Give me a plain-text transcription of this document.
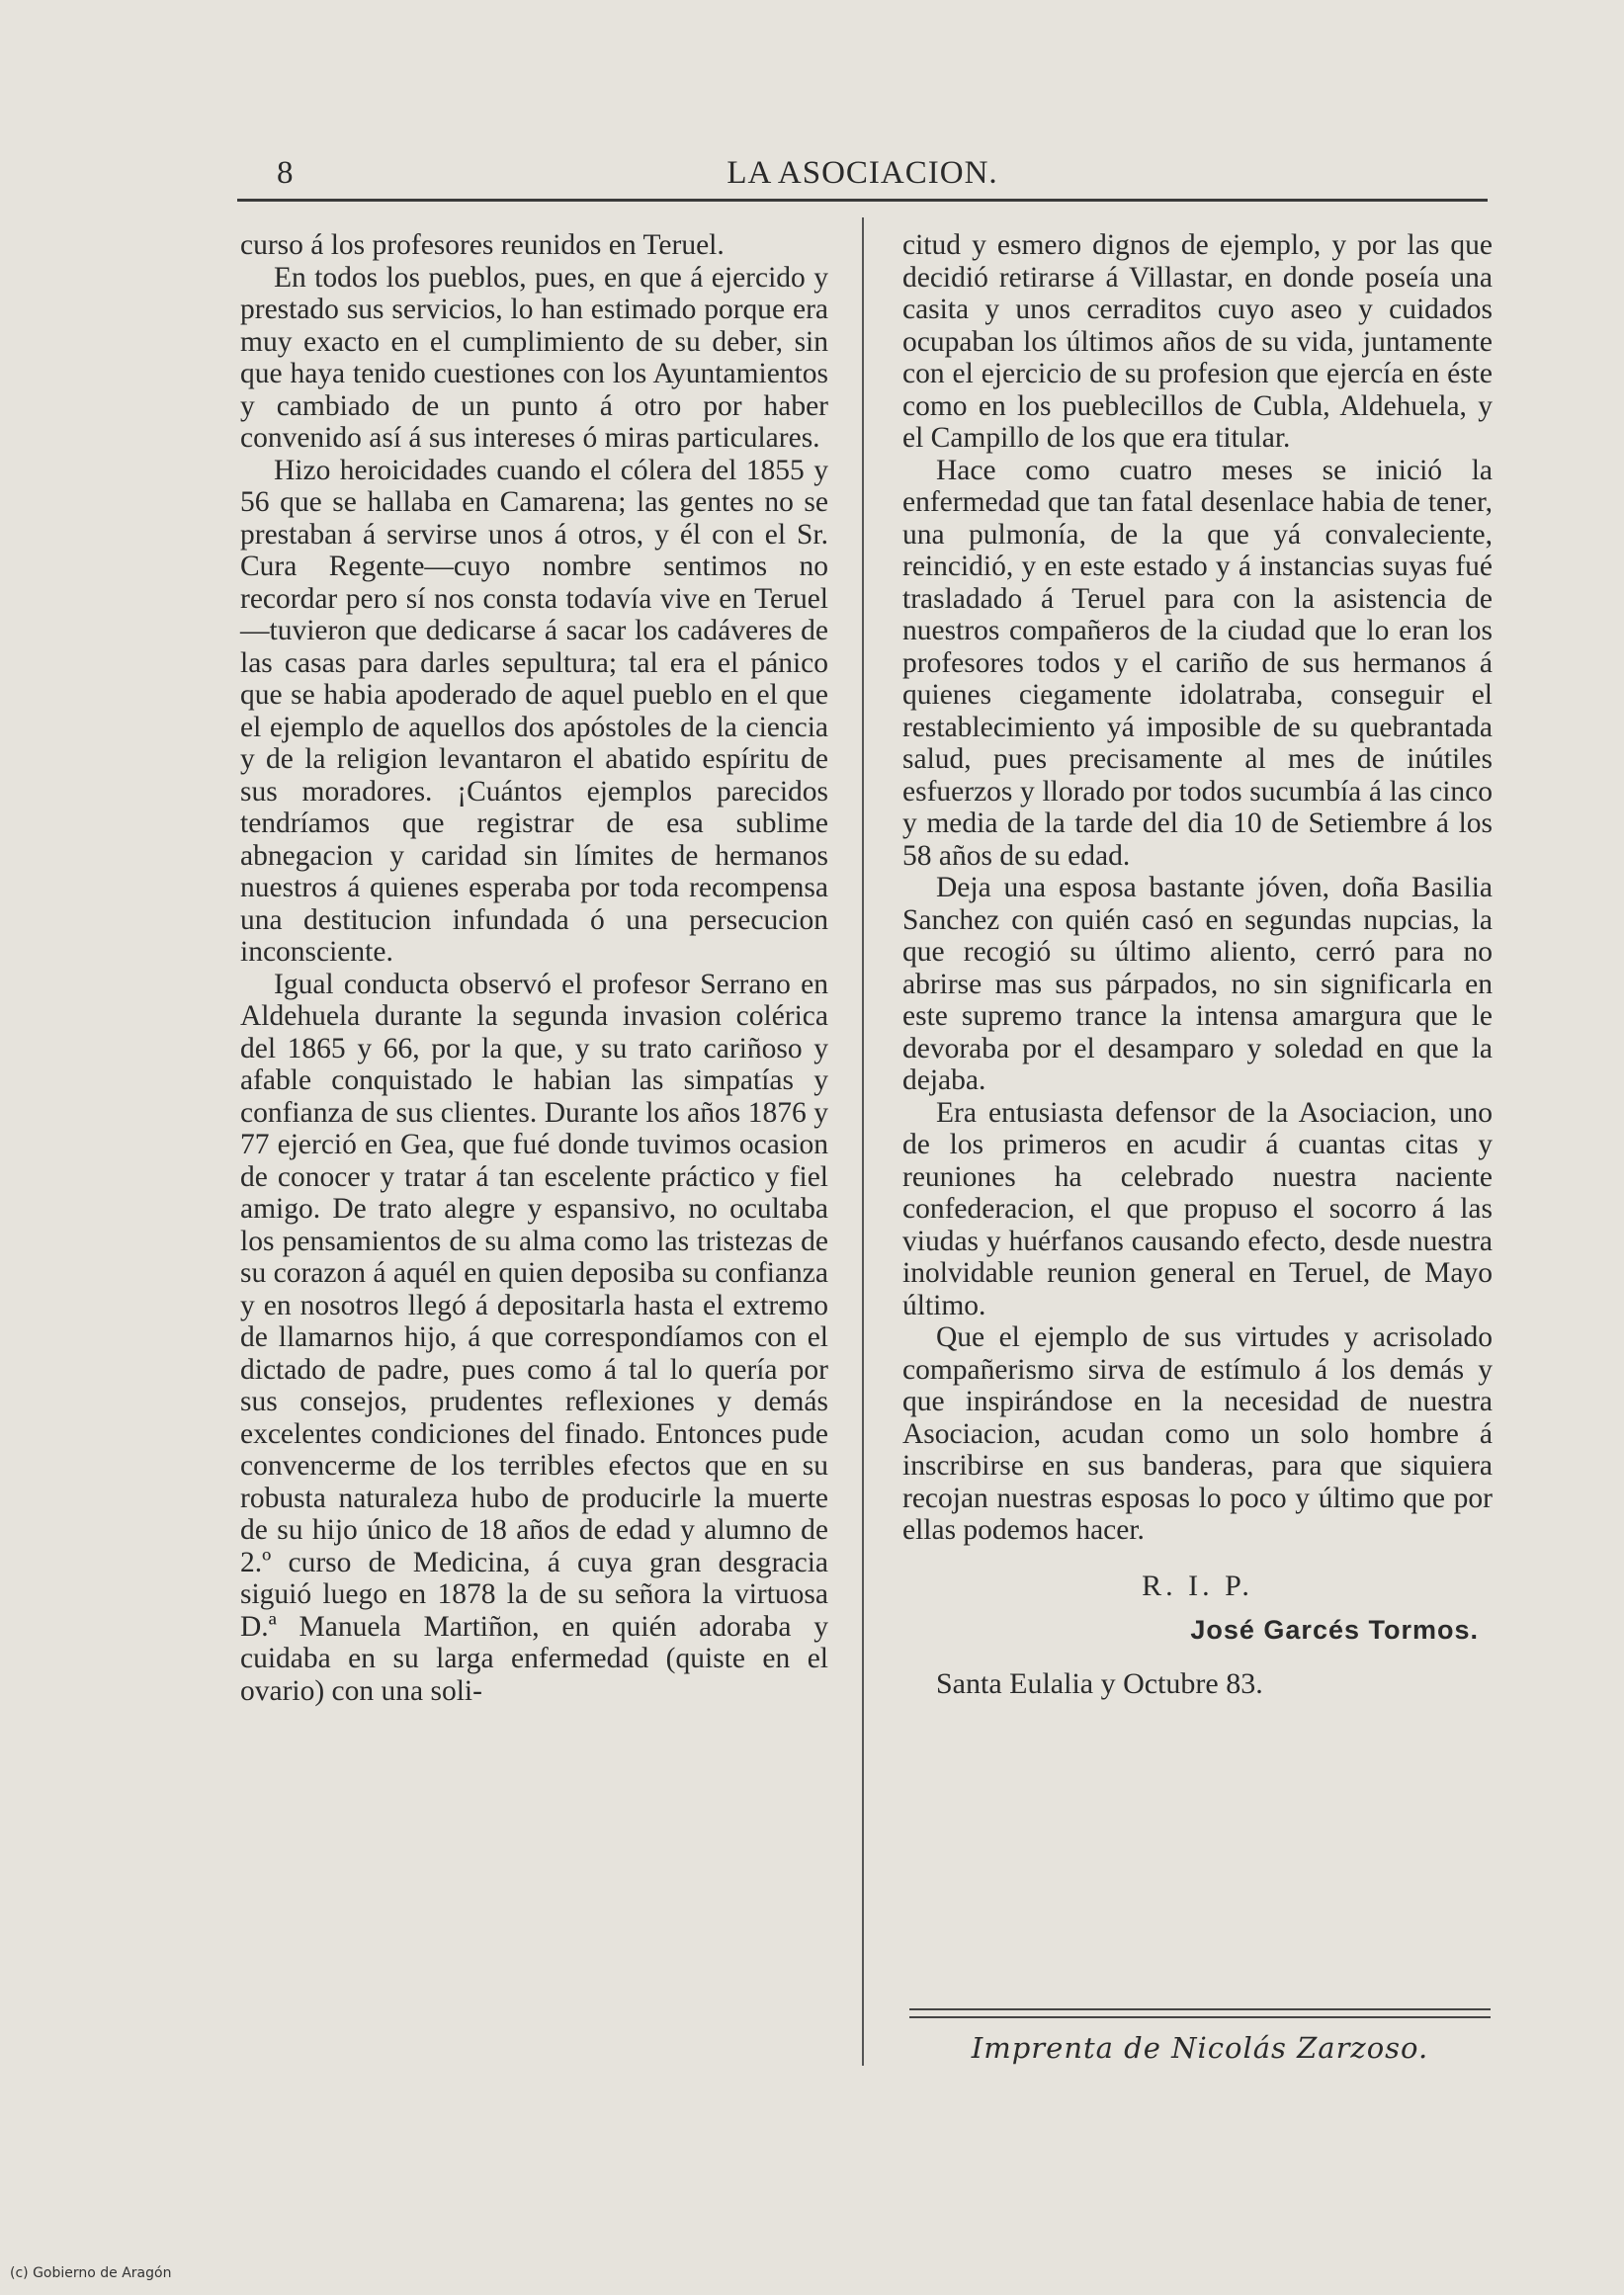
8	LA ASOCIACION.

curso á los profesores reunidos en Teruel.

En todos los pueblos, pues, en que á ejercido y prestado sus servicios, lo han estimado porque era muy exacto en el cumplimiento de su deber, sin que haya tenido cuestiones con los Ayuntamientos y cambiado de un punto á otro por haber convenido así á sus intereses ó miras particulares.

Hizo heroicidades cuando el cólera del 1855 y 56 que se hallaba en Camarena; las gentes no se prestaban á servirse unos á otros, y él con el Sr. Cura Regente—cuyo nombre sentimos no recordar pero sí nos consta todavía vive en Teruel—tuvieron que dedicarse á sacar los cadáveres de las casas para darles sepultura; tal era el pánico que se habia apoderado de aquel pueblo en el que el ejemplo de aquellos dos apóstoles de la ciencia y de la religion levantaron el abatido espíritu de sus moradores. ¡Cuántos ejemplos parecidos tendríamos que registrar de esa sublime abnegacion y caridad sin límites de hermanos nuestros á quienes esperaba por toda recompensa una destitucion infundada ó una persecucion inconsciente.

Igual conducta observó el profesor Serrano en Aldehuela durante la segunda invasion colérica del 1865 y 66, por la que, y su trato cariñoso y afable conquistado le habian las simpatías y confianza de sus clientes. Durante los años 1876 y 77 ejerció en Gea, que fué donde tuvimos ocasion de conocer y tratar á tan escelente práctico y fiel amigo. De trato alegre y espansivo, no ocultaba los pensamientos de su alma como las tristezas de su corazon á aquél en quien deposiba su confianza y en nosotros llegó á depositarla hasta el extremo de llamarnos hijo, á que correspondíamos con el dictado de padre, pues como á tal lo quería por sus consejos, prudentes reflexiones y demás excelentes condiciones del finado. Entonces pude convencerme de los terribles efectos que en su robusta naturaleza hubo de producirle la muerte de su hijo único de 18 años de edad y alumno de 2.º curso de Medicina, á cuya gran desgracia siguió luego en 1878 la de su señora la virtuosa D.ª Manuela Martiñon, en quién adoraba y cuidaba en su larga enfermedad (quiste en el ovario) con una soli-

citud y esmero dignos de ejemplo, y por las que decidió retirarse á Villastar, en donde poseía una casita y unos cerraditos cuyo aseo y cuidados ocupaban los últimos años de su vida, juntamente con el ejercicio de su profesion que ejercía en éste como en los pueblecillos de Cubla, Aldehuela, y el Campillo de los que era titular.

Hace como cuatro meses se inició la enfermedad que tan fatal desenlace habia de tener, una pulmonía, de la que yá convaleciente, reincidió, y en este estado y á instancias suyas fué trasladado á Teruel para con la asistencia de nuestros compañeros de la ciudad que lo eran los profesores todos y el cariño de sus hermanos á quienes ciegamente idolatraba, conseguir el restablecimiento yá imposible de su quebrantada salud, pues precisamente al mes de inútiles esfuerzos y llorado por todos sucumbía á las cinco y media de la tarde del dia 10 de Setiembre á los 58 años de su edad.

Deja una esposa bastante jóven, doña Basilia Sanchez con quién casó en segundas nupcias, la que recogió su último aliento, cerró para no abrirse mas sus párpados, no sin significarla en este supremo trance la intensa amargura que le devoraba por el desamparo y soledad en que la dejaba.

Era entusiasta defensor de la Asociacion, uno de los primeros en acudir á cuantas citas y reuniones ha celebrado nuestra naciente confederacion, el que propuso el socorro á las viudas y huérfanos causando efecto, desde nuestra inolvidable reunion general en Teruel, de Mayo último.

Que el ejemplo de sus virtudes y acrisolado compañerismo sirva de estímulo á los demás y que inspirándose en la necesidad de nuestra Asociacion, acudan como un solo hombre á inscribirse en sus banderas, para que siquiera recojan nuestras esposas lo poco y último que por ellas podemos hacer.

R. I. P.

José Garcés Tormos.

Santa Eulalia y Octubre 83.

Imprenta de Nicolás Zarzoso.
(c) Gobierno de Aragón
